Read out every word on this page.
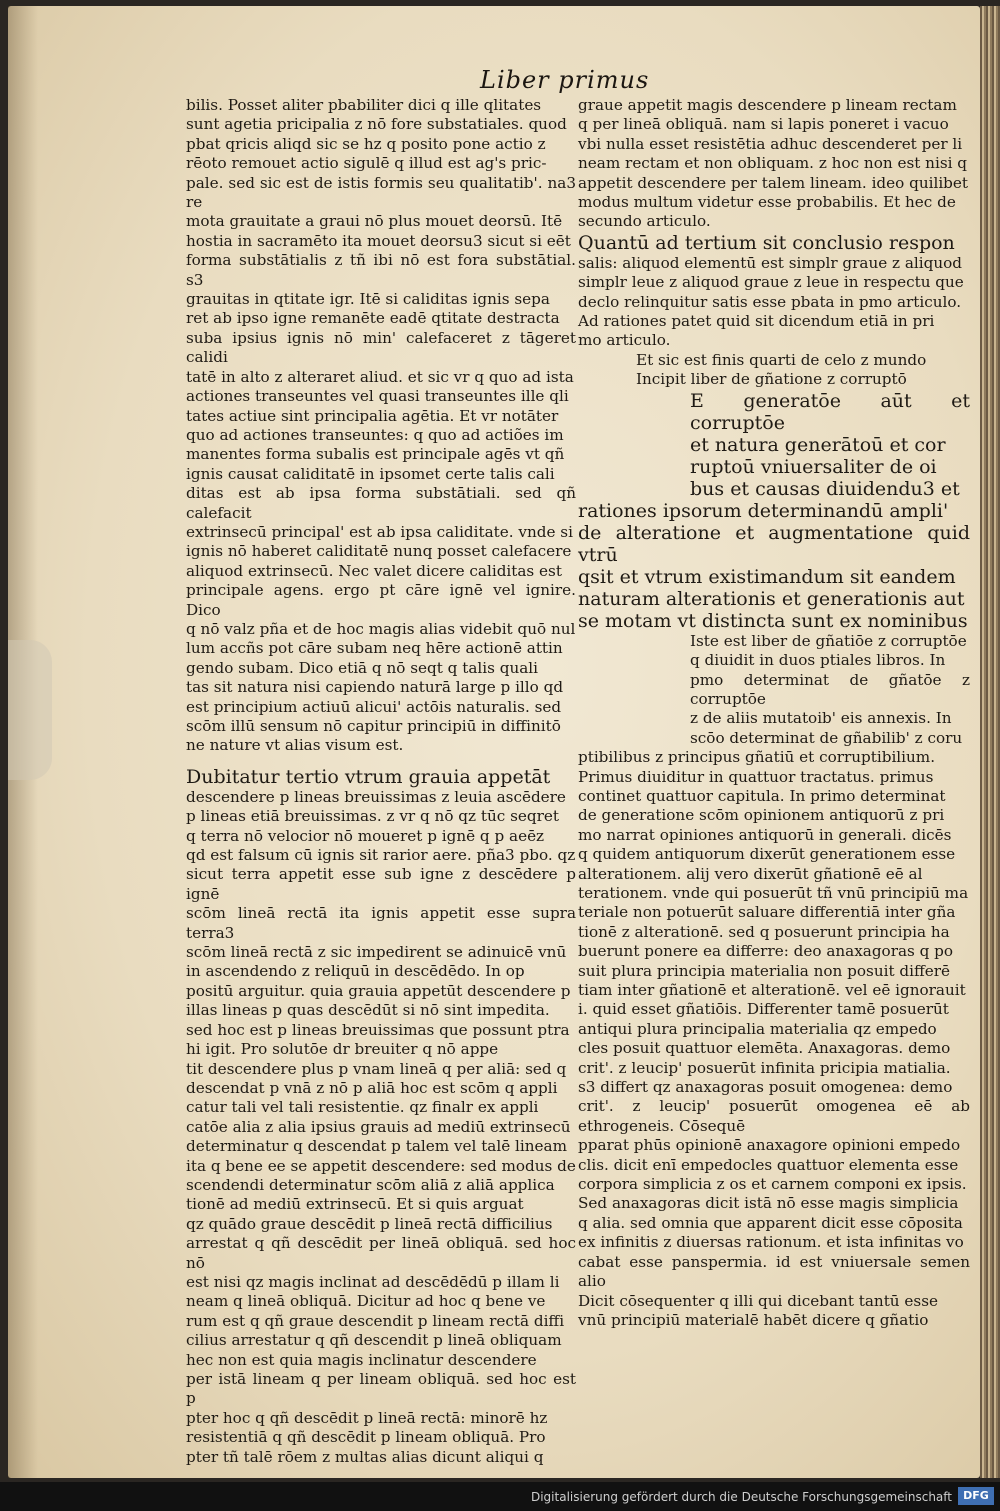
Liber primus

bilis. Posset aliter pbabiliter dici q ille qlitates

sunt agetia pricipalia z nō fore substatiales. quod

pbat qricis aliqd sic se hz q posito pone actio z

rēoto remouet actio sigulē q illud est ag's pric-

pale. sed sic est de istis formis seu qualitatib'. na3 re

mota grauitate a graui nō plus mouet deorsū. Itē

hostia in sacramēto ita mouet deorsu3 sicut si eēt

forma substātialis z tñ ibi nō est fora substātial. s3

grauitas in qtitate igr. Itē si caliditas ignis sepa

ret ab ipso igne remanēte eadē qtitate destracta

suba ipsius ignis nō min' calefaceret z tāgeret calidi

tatē in alto z alteraret aliud. et sic vr q quo ad ista

actiones transeuntes vel quasi transeuntes ille qli

tates actiue sint principalia agētia. Et vr notāter

quo ad actiones transeuntes: q quo ad actiões im

manentes forma subalis est principale agēs vt qñ

ignis causat caliditatē in ipsomet certe talis cali

ditas est ab ipsa forma substātiali. sed qñ calefacit

extrinsecū principal' est ab ipsa caliditate. vnde si

ignis nō haberet caliditatē nunq posset calefacere

aliquod extrinsecū. Nec valet dicere caliditas est

principale agens. ergo pt cāre ignē vel ignire. Dico

q nō valz pña et de hoc magis alias videbit quō nul

lum accñs pot cāre subam neq hēre actionē attin

gendo subam. Dico etiā q nō seqt q talis quali

tas sit natura nisi capiendo naturā large p illo qd

est principium actiuū alicui' actōis naturalis. sed

scōm illū sensum nō capitur principiū in diffinitō

ne nature vt alias visum est.

Dubitatur tertio vtrum grauia appetāt

descendere p lineas breuissimas z leuia ascēdere

p lineas etiā breuissimas. z vr q nō qz tūc seqret

q terra nō velocior nō moueret p ignē q p aeēz

qd est falsum cū ignis sit rarior aere. pña3 pbo. qz

sicut terra appetit esse sub igne z descēdere p ignē

scōm lineā rectā ita ignis appetit esse supra terra3

scōm lineā rectā z sic impedirent se adinuicē vnū

in ascendendo z reliquū in descēdēdo. In op

positū arguitur. quia grauia appetūt descendere p

illas lineas p quas descēdūt si nō sint impedita.

sed hoc est p lineas breuissimas que possunt ptra

hi igit. Pro solutōe dr breuiter q nō appe

tit descendere plus p vnam lineā q per aliā: sed q

descendat p vnā z nō p aliā hoc est scōm q appli

catur tali vel tali resistentie. qz finalr ex appli

catōe alia z alia ipsius grauis ad mediū extrinsecū

determinatur q descendat p talem vel talē lineam

ita q bene ee se appetit descendere: sed modus de

scendendi determinatur scōm aliā z aliā applica

tionē ad mediū extrinsecū. Et si quis arguat

qz quādo graue descēdit p lineā rectā difficilius

arrestat q qñ descēdit per lineā obliquā. sed hoc nō

est nisi qz magis inclinat ad descēdēdū p illam li

neam q lineā obliquā. Dicitur ad hoc q bene ve

rum est q qñ graue descendit p lineam rectā diffi

cilius arrestatur q qñ descendit p lineā obliquam

hec non est quia magis inclinatur descendere

per istā lineam q per lineam obliquā. sed hoc est p

pter hoc q qñ descēdit p lineā rectā: minorē hz

resistentiā q qñ descēdit p lineam obliquā. Pro

pter tñ talē rōem z multas alias dicunt aliqui q

graue appetit magis descendere p lineam rectam

q per lineā obliquā. nam si lapis poneret i vacuo

vbi nulla esset resistētia adhuc descenderet per li

neam rectam et non obliquam. z hoc non est nisi q

appetit descendere per talem lineam. ideo quilibet

modus multum videtur esse probabilis. Et hec de

secundo articulo.

Quantū ad tertium sit conclusio respon

salis: aliquod elementū est simplr graue z aliquod

simplr leue z aliquod graue z leue in respectu que

declo relinquitur satis esse pbata in pmo articulo.

Ad rationes patet quid sit dicendum etiā in pri

mo articulo.

Et sic est finis quarti de celo z mundo

Incipit liber de gñatione z corruptō

E generatōe aūt et corruptōe

et natura generātoū et cor

ruptoū vniuersaliter de oi

bus et causas diuidendu3 et

rationes ipsorum determinandū ampli'

de alteratione et augmentatione quid vtrū

qsit et vtrum existimandum sit eandem

naturam alterationis et generationis aut

se motam vt distincta sunt ex nominibus

Iste est liber de gñatiōe z corruptōe

q diuidit in duos ptiales libros. In

pmo determinat de gñatōe z corruptōe

z de aliis mutatoib' eis annexis. In

scōo determinat de gñabilib' z coru

ptibilibus z principus gñatiū et corruptibilium.

Primus diuiditur in quattuor tractatus. primus

continet quattuor capitula. In primo determinat

de generatione scōm opinionem antiquorū z pri

mo narrat opiniones antiquorū in generali. dicēs

q quidem antiquorum dixerūt generationem esse

alterationem. alij vero dixerūt gñationē eē al

terationem. vnde qui posuerūt tñ vnū principiū ma

teriale non potuerūt saluare differentiā inter gña

tionē z alterationē. sed q posuerunt principia ha

buerunt ponere ea differre: deo anaxagoras q po

suit plura principia materialia non posuit differē

tiam inter gñationē et alterationē. vel eē ignorauit

i. quid esset gñatiōis. Differenter tamē posuerūt

antiqui plura principalia materialia qz empedo

cles posuit quattuor elemēta. Anaxagoras. demo

crit'. z leucip' posuerūt infinita pricipia matialia.

s3 differt qz anaxagoras posuit omogenea: demo

crit'. z leucip' posuerūt omogenea eē ab ethrogeneis. Cōsequē

pparat phūs opinionē anaxagore opinioni empedo

clis. dicit enī empedocles quattuor elementa esse

corpora simplicia z os et carnem componi ex ipsis.

Sed anaxagoras dicit istā nō esse magis simplicia

q alia. sed omnia que apparent dicit esse cōposita

ex infinitis z diuersas rationum. et ista infinitas vo

cabat esse panspermia. id est vniuersale semen alio

Dicit cōsequenter q illi qui dicebant tantū esse

vnū principiū materialē habēt dicere q gñatio

Digitalisierung gefördert durch die Deutsche Forschungsgemeinschaft	DFG
